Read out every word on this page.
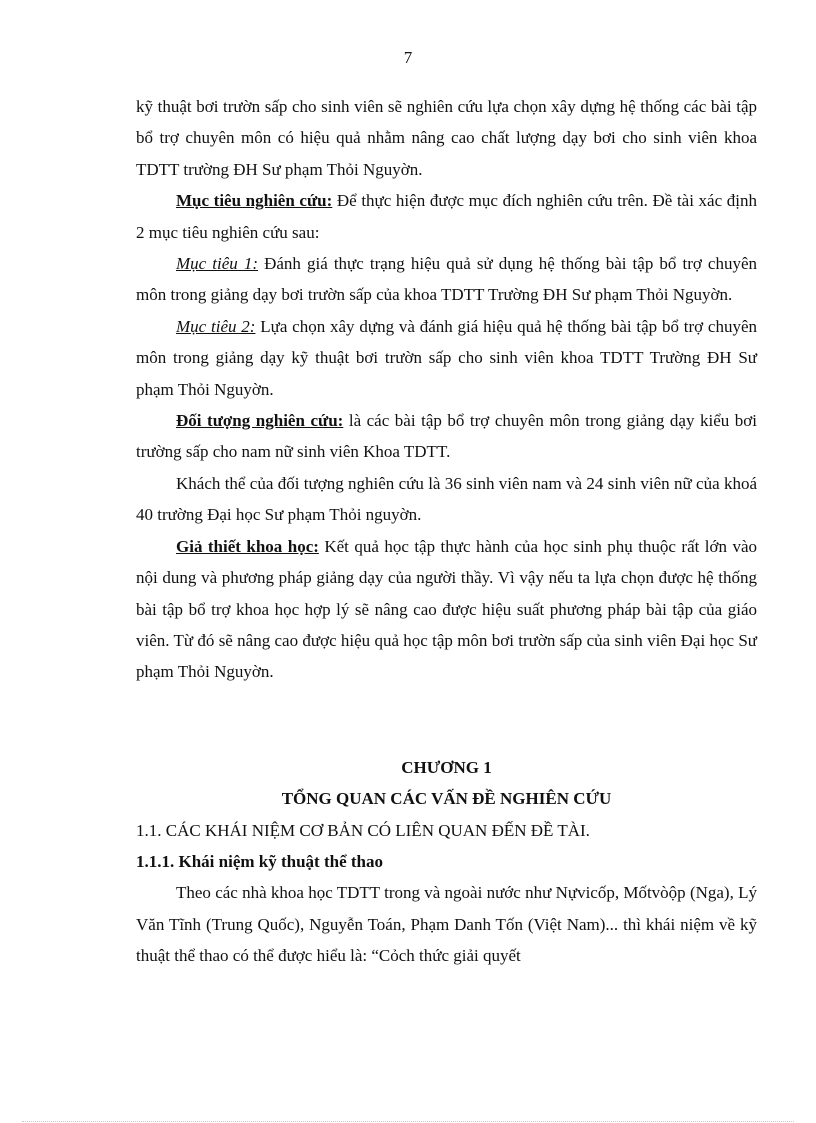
7

kỹ thuật bơi trườn sấp cho sinh viên sẽ nghiên cứu lựa chọn xây dựng hệ thống các bài tập bổ trợ chuyên môn có hiệu quả nhằm nâng cao chất lượng dạy bơi cho sinh viên khoa TDTT trường ĐH Sư phạm Thỏi Nguyờn.

Mục tiêu nghiên cứu: Để thực hiện được mục đích nghiên cứu trên. Đề tài xác định 2 mục tiêu nghiên cứu sau:

Mục tiêu 1: Đánh giá thực trạng hiệu quả sử dụng hệ thống bài tập bổ trợ chuyên môn trong giảng dạy bơi trườn sấp của khoa TDTT Trường ĐH Sư phạm Thỏi Nguyờn.

Mục tiêu 2: Lựa chọn xây dựng và đánh giá hiệu quả hệ thống bài tập bổ trợ chuyên môn trong giảng dạy kỹ thuật bơi trườn sấp cho sinh viên khoa TDTT Trường ĐH Sư phạm Thỏi Nguyờn.

Đối tượng nghiên cứu: là các bài tập bổ trợ chuyên môn trong giảng dạy kiểu bơi trường sấp cho nam nữ sinh viên Khoa TDTT.

Khách thể của đối tượng nghiên cứu là 36 sinh viên nam và 24 sinh viên nữ của khoá 40 trường Đại học Sư phạm Thỏi nguyờn.

Giả thiết khoa học: Kết quả học tập thực hành của học sinh phụ thuộc rất lớn vào nội dung và phương pháp giảng dạy của người thầy. Vì vậy nếu ta lựa chọn được hệ thống bài tập bổ trợ khoa học hợp lý sẽ nâng cao được hiệu suất phương pháp bài tập của giáo viên. Từ đó sẽ nâng cao được hiệu quả học tập môn bơi trườn sấp của sinh viên Đại học Sư phạm Thỏi Nguyờn.

CHƯƠNG 1

TỔNG QUAN CÁC VẤN ĐỀ NGHIÊN CỨU

1.1. CÁC KHÁI NIỆM CƠ BẢN CÓ LIÊN QUAN ĐẾN ĐỀ TÀI.

1.1.1. Khái niệm kỹ thuật thể thao

Theo các nhà khoa học TDTT trong và ngoài nước như Nựvicốp, Mốtvòộp (Nga), Lý Văn Tĩnh (Trung Quốc), Nguyễn Toán, Phạm Danh Tốn (Việt Nam)... thì khái niệm về kỹ thuật thể thao có thể được hiểu là: “Cỏch thức giải quyết
